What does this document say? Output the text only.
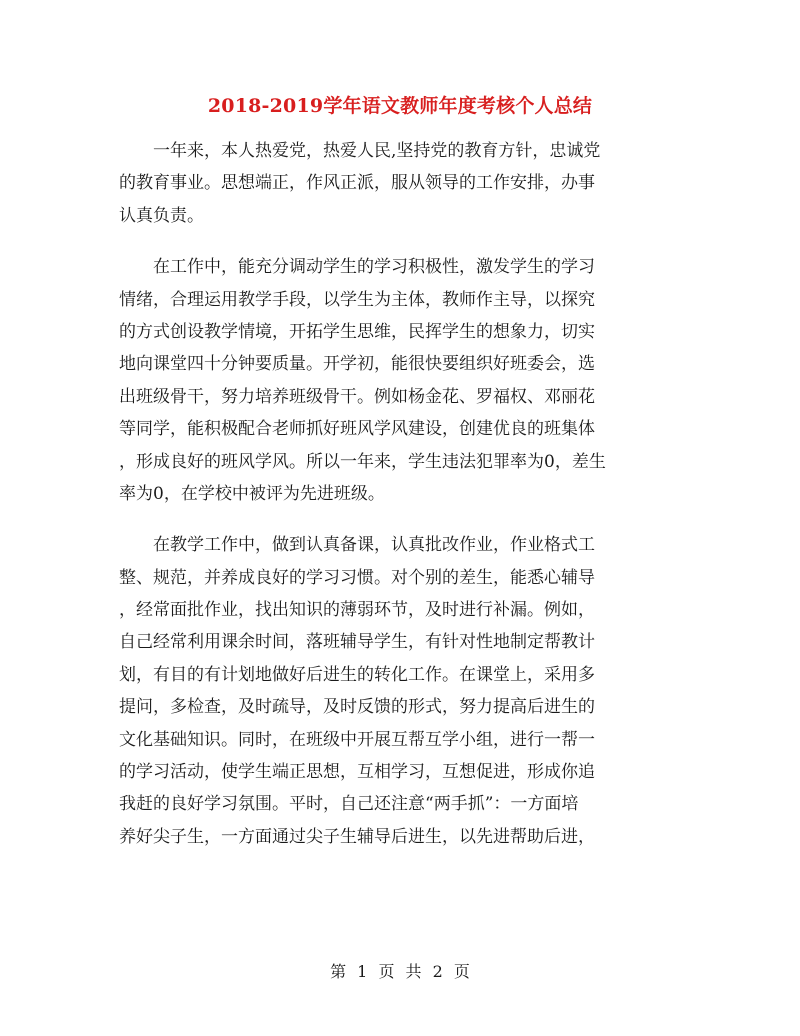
2018-2019学年语文教师年度考核个人总结
　　一年来，本人热爱党，热爱人民,坚持党的教育方针，忠诚党
的教育事业。思想端正，作风正派，服从领导的工作安排，办事
认真负责。
　　在工作中，能充分调动学生的学习积极性，激发学生的学习
情绪，合理运用教学手段，以学生为主体，教师作主导，以探究
的方式创设教学情境，开拓学生思维，民挥学生的想象力，切实
地向课堂四十分钟要质量。开学初，能很快要组织好班委会，选
出班级骨干，努力培养班级骨干。例如杨金花、罗福权、邓丽花
等同学，能积极配合老师抓好班风学风建设，创建优良的班集体
，形成良好的班风学风。所以一年来，学生违法犯罪率为0，差生
率为0，在学校中被评为先进班级。
　　在教学工作中，做到认真备课，认真批改作业，作业格式工
整、规范，并养成良好的学习习惯。对个别的差生，能悉心辅导
，经常面批作业，找出知识的薄弱环节，及时进行补漏。例如，
自己经常利用课余时间，落班辅导学生，有针对性地制定帮教计
划，有目的有计划地做好后进生的转化工作。在课堂上，采用多
提问，多检查，及时疏导，及时反馈的形式，努力提高后进生的
文化基础知识。同时，在班级中开展互帮互学小组，进行一帮一
的学习活动，使学生端正思想，互相学习，互想促进，形成你追
我赶的良好学习氛围。平时，自己还注意“两手抓”：一方面培
养好尖子生，一方面通过尖子生辅导后进生，以先进帮助后进，
第 1 页 共 2 页
